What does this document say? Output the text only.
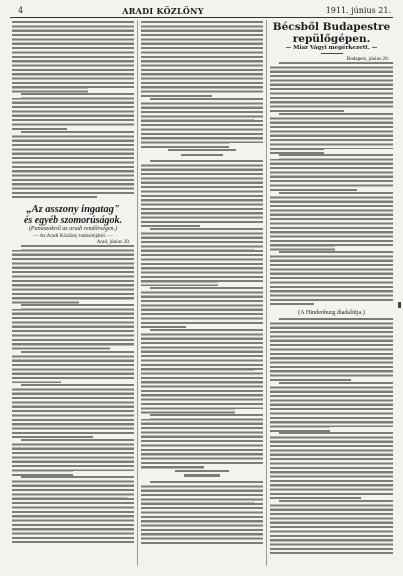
4	ARADI KÖZLÖNY	1911. június 21.
„Az asszony ingatag"
és egyéb szomorúságok.
(Panaszokról az aradi rendőrségen.)
— Az Aradi Közlöny tudósítójától. —
Arad, június 20.
Bécsből Budapestre
repülőgépen.
— Miar Vágyi megérkezett. —
Budapest, június 20.
(A Hindenburg diadalútja.)
